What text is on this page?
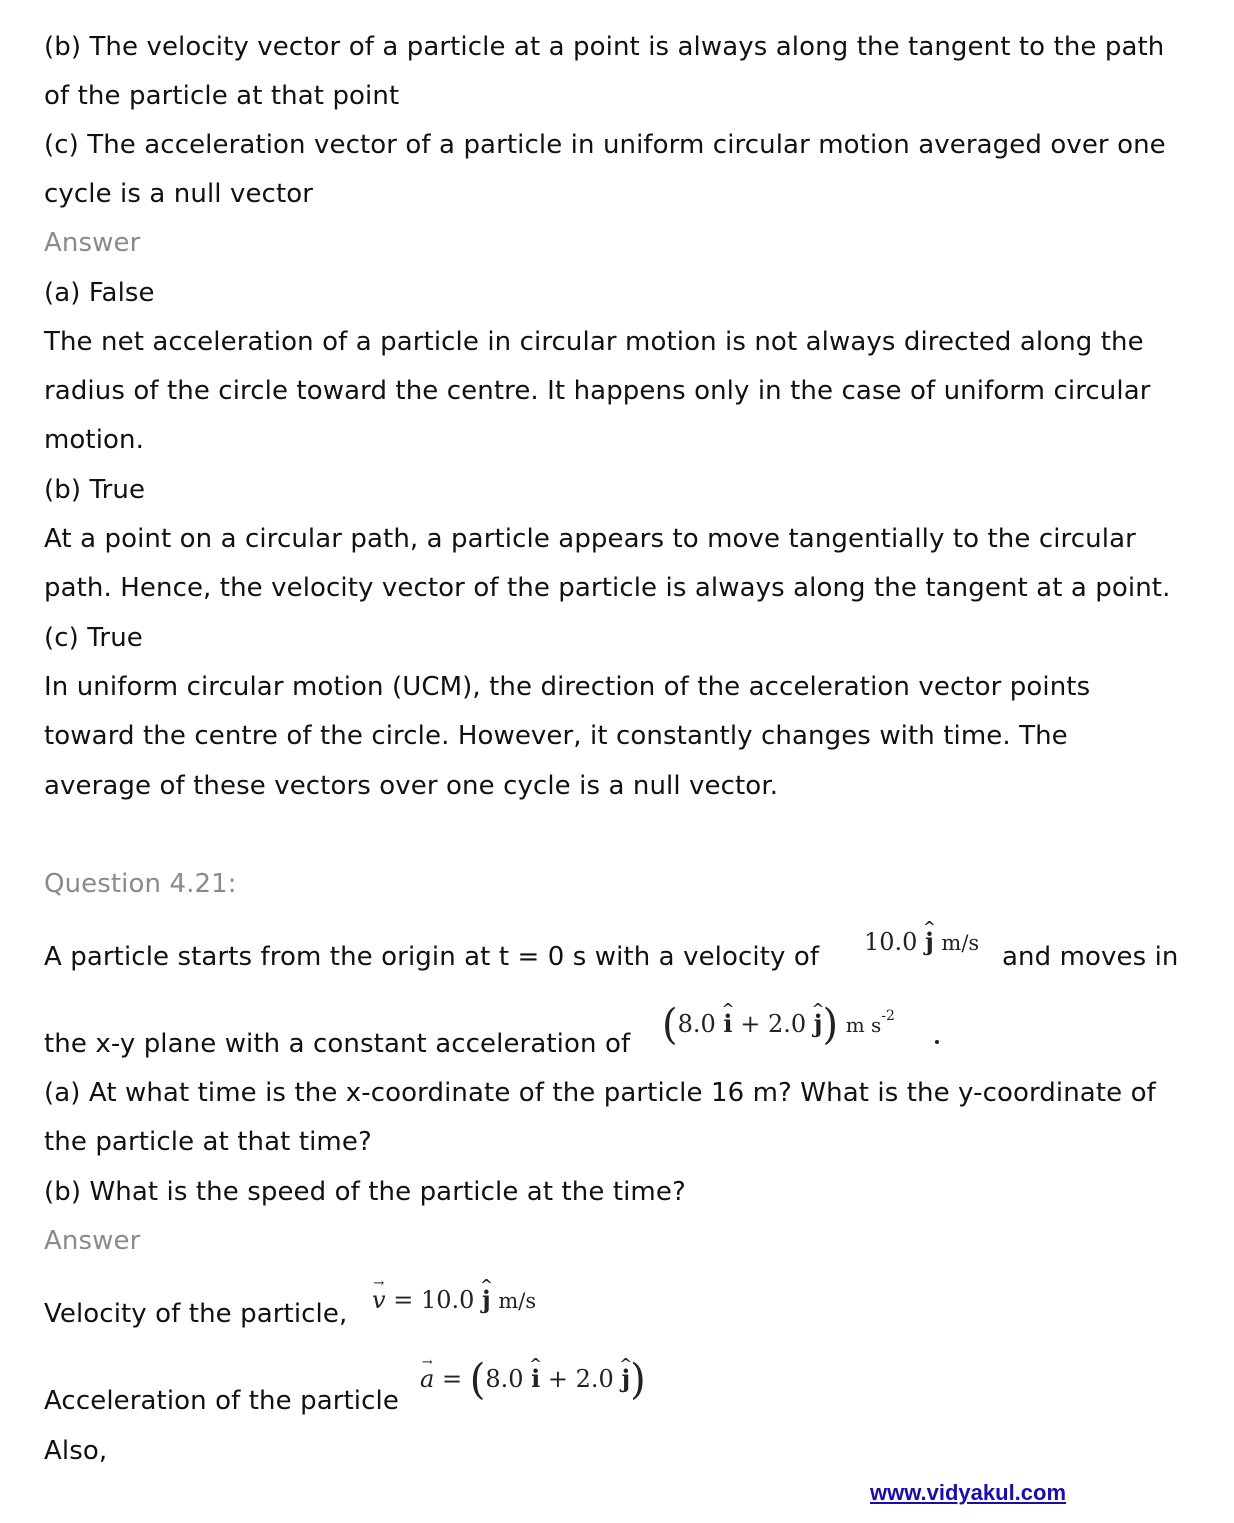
(b) The velocity vector of a particle at a point is always along the tangent to the path
of the particle at that point
(c) The acceleration vector of a particle in uniform circular motion averaged over one
cycle is a null vector
Answer
(a) False
The net acceleration of a particle in circular motion is not always directed along the
radius of the circle toward the centre. It happens only in the case of uniform circular
motion.
(b) True
At a point on a circular path, a particle appears to move tangentially to the circular
path. Hence, the velocity vector of the particle is always along the tangent at a point.
(c) True
In uniform circular motion (UCM), the direction of the acceleration vector points
toward the centre of the circle. However, it constantly changes with time. The
average of these vectors over one cycle is a null vector.
Question 4.21:
A particle starts from the origin at t = 0 s with a velocity of 10.0 ^ j m/s and moves in
the x-y plane with a constant acceleration of (8.0 ^ i + 2.0 ^ j) m $s^{-2}$
(a) At what time is the x-coordinate of the particle 16 m? What is the y-coordinate of
the particle at that time?
(b) What is the speed of the particle at the time?
Answer
Velocity of the particle, → v = 10.0 ^ j m/s
Acceleration of the particle
→ a = (8.0 ^ i + 2.0 ^ j)
Also,
www.vidyakul.com
